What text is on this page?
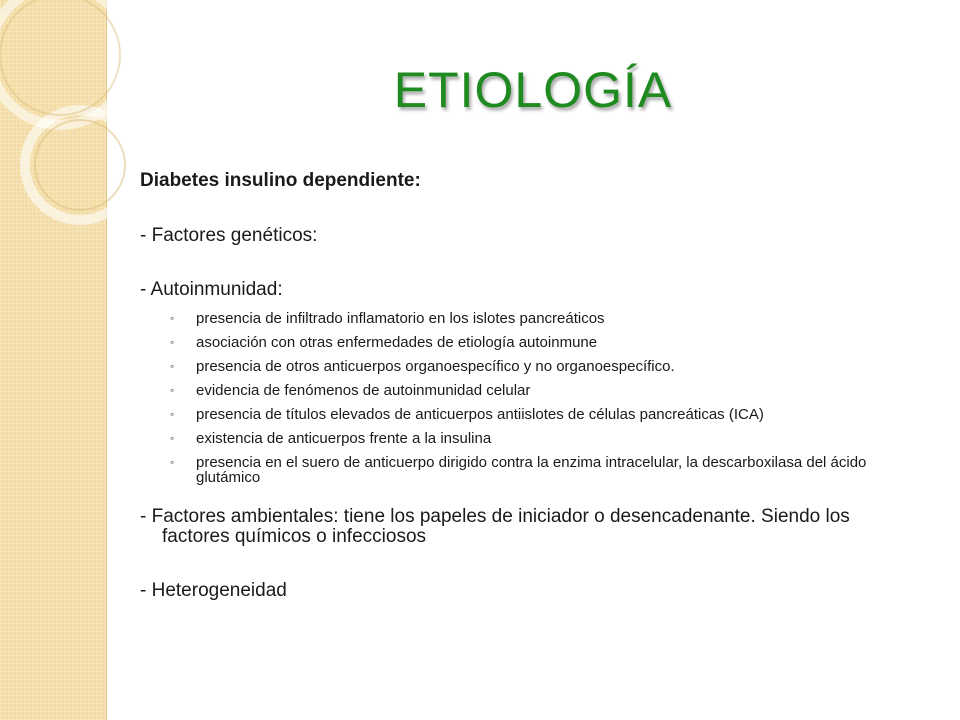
ETIOLOGÍA

Diabetes insulino dependiente:

- Factores genéticos:

- Autoinmunidad:

◦ presencia de infiltrado inflamatorio en los islotes pancreáticos
◦ asociación con otras enfermedades de etiología autoinmune
◦ presencia de otros anticuerpos organoespecífico y no organoespecífico.
◦ evidencia de fenómenos de autoinmunidad celular
◦ presencia de títulos elevados de anticuerpos antiislotes de células pancreáticas (ICA)
◦ existencia de anticuerpos frente a la insulina
◦ presencia en el suero de anticuerpo dirigido contra la enzima intracelular, la descarboxilasa del ácido glutámico

- Factores ambientales: tiene los papeles de iniciador o desencadenante. Siendo los factores químicos o infecciosos

- Heterogeneidad
